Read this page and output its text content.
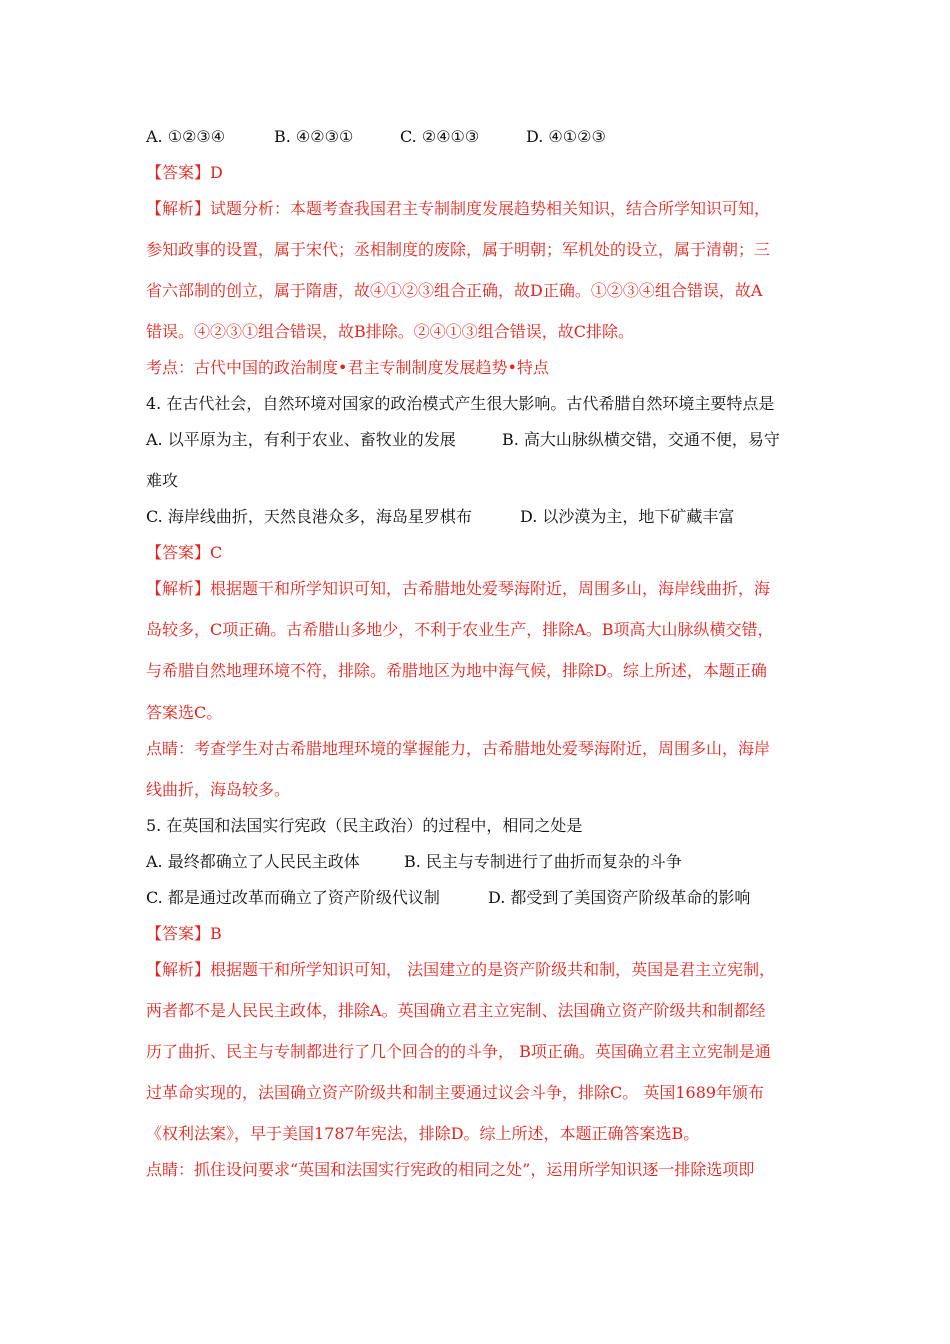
A. ①②③④	B. ④②③①	C. ②④①③	D. ④①②③
【答案】D
【解析】试题分析：本题考查我国君主专制制度发展趋势相关知识，结合所学知识可知，
参知政事的设置，属于宋代；丞相制度的废除，属于明朝；军机处的设立，属于清朝；三
省六部制的创立，属于隋唐，故④①②③组合正确，故D正确。①②③④组合错误，故A
错误。④②③①组合错误，故B排除。②④①③组合错误，故C排除。
考点：古代中国的政治制度•君主专制制度发展趋势•特点
4. 在古代社会，自然环境对国家的政治模式产生很大影响。古代希腊自然环境主要特点是
A. 以平原为主，有利于农业、畜牧业的发展	B. 高大山脉纵横交错，交通不便，易守
难攻
C. 海岸线曲折，天然良港众多，海岛星罗棋布	D. 以沙漠为主，地下矿藏丰富
【答案】C
【解析】根据题干和所学知识可知，古希腊地处爱琴海附近，周围多山，海岸线曲折，海
岛较多，C项正确。古希腊山多地少，不利于农业生产，排除A。B项高大山脉纵横交错，
与希腊自然地理环境不符，排除。希腊地区为地中海气候，排除D。综上所述，本题正确
答案选C。
点睛：考查学生对古希腊地理环境的掌握能力，古希腊地处爱琴海附近，周围多山，海岸
线曲折，海岛较多。
5. 在英国和法国实行宪政（民主政治）的过程中，相同之处是
A. 最终都确立了人民民主政体	B. 民主与专制进行了曲折而复杂的斗争
C. 都是通过改革而确立了资产阶级代议制	D. 都受到了美国资产阶级革命的影响
【答案】B
【解析】根据题干和所学知识可知， 法国建立的是资产阶级共和制，英国是君主立宪制，
两者都不是人民民主政体，排除A。英国确立君主立宪制、法国确立资产阶级共和制都经
历了曲折、民主与专制都进行了几个回合的的斗争， B项正确。英国确立君主立宪制是通
过革命实现的，法国确立资产阶级共和制主要通过议会斗争，排除C。 英国1689年颁布
《权利法案》，早于美国1787年宪法，排除D。综上所述，本题正确答案选B。
点睛：抓住设问要求“英国和法国实行宪政的相同之处”，运用所学知识逐一排除选项即
